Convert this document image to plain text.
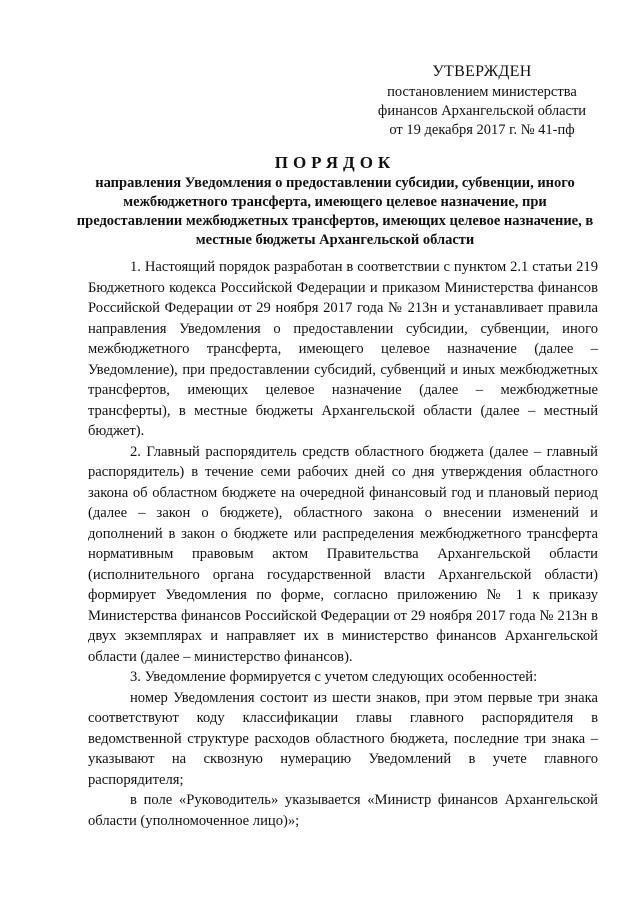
УТВЕРЖДЕН
постановлением министерства
финансов Архангельской области
от 19 декабря 2017 г. № 41-пф
ПОРЯДОК
направления Уведомления о предоставлении субсидии, субвенции, иного межбюджетного трансферта, имеющего целевое назначение, при предоставлении межбюджетных трансфертов, имеющих целевое назначение, в местные бюджеты Архангельской области

1. Настоящий порядок разработан в соответствии с пунктом 2.1 статьи 219 Бюджетного кодекса Российской Федерации и приказом Министерства финансов Российской Федерации от 29 ноября 2017 года № 213н и устанавливает правила направления Уведомления о предоставлении субсидии, субвенции, иного межбюджетного трансферта, имеющего целевое назначение (далее – Уведомление), при предоставлении субсидий, субвенций и иных межбюджетных трансфертов, имеющих целевое назначение (далее – межбюджетные трансферты), в местные бюджеты Архангельской области (далее – местный бюджет).

2. Главный распорядитель средств областного бюджета (далее – главный распорядитель) в течение семи рабочих дней со дня утверждения областного закона об областном бюджете на очередной финансовый год и плановый период (далее – закон о бюджете), областного закона о внесении изменений и дополнений в закон о бюджете или распределения межбюджетного трансферта нормативным правовым актом Правительства Архангельской области (исполнительного органа государственной власти Архангельской области) формирует Уведомления по форме, согласно приложению № 1 к приказу Министерства финансов Российской Федерации от 29 ноября 2017 года № 213н в двух экземплярах и направляет их в министерство финансов Архангельской области (далее – министерство финансов).

3. Уведомление формируется с учетом следующих особенностей:

номер Уведомления состоит из шести знаков, при этом первые три знака соответствуют коду классификации главы главного распорядителя в ведомственной структуре расходов областного бюджета, последние три знака – указывают на сквозную нумерацию Уведомлений в учете главного распорядителя;

в поле «Руководитель» указывается «Министр финансов Архангельской области (уполномоченное лицо)»;
